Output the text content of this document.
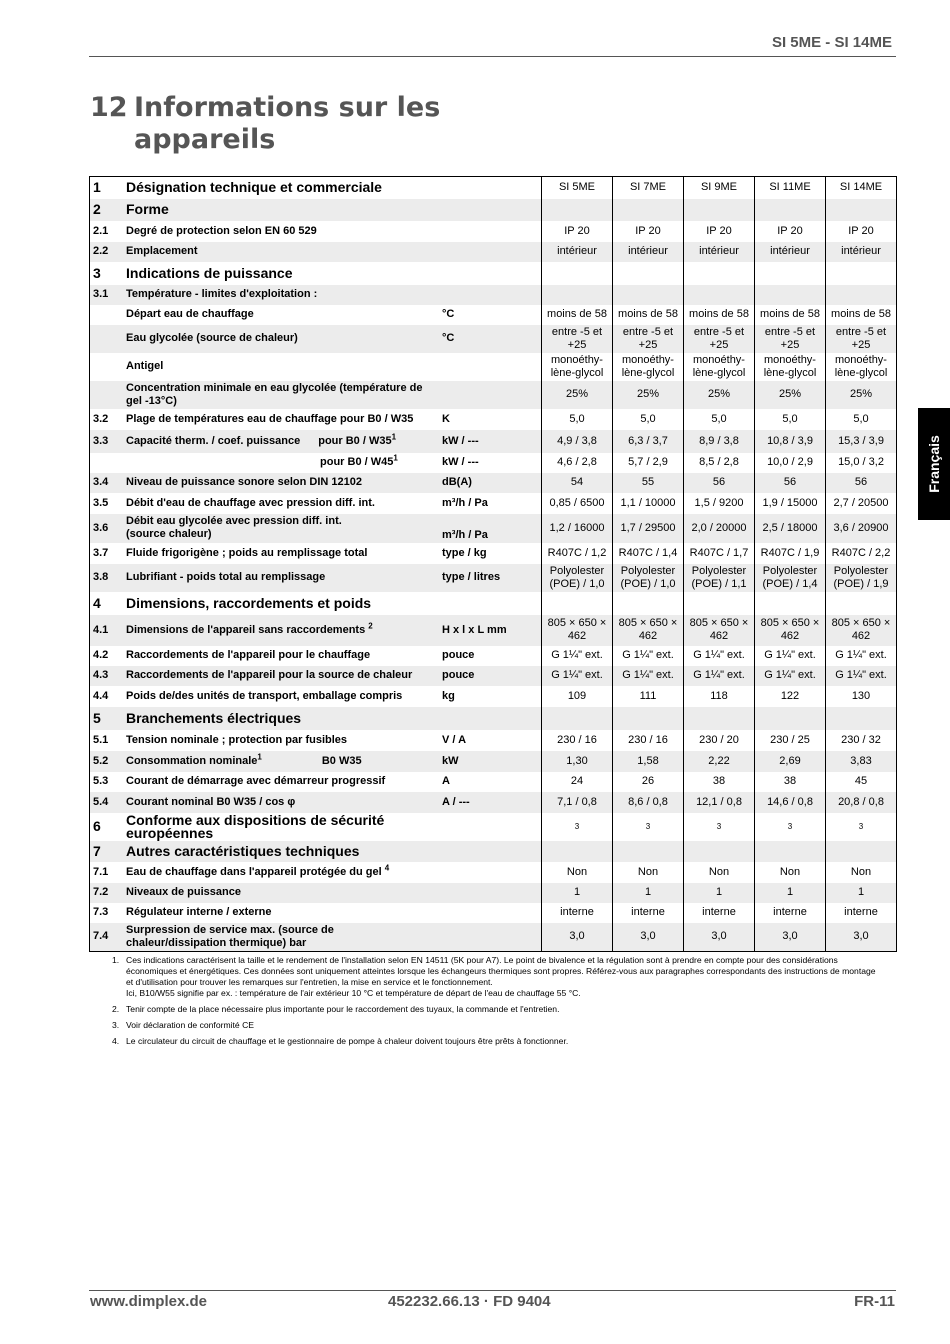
SI 5ME - SI 14ME
12 Informations sur les
appareils
Français
1	Désignation technique et commerciale		SI 5ME	SI 7ME	SI 9ME	SI 11ME	SI 14ME
2	Forme						
2.1	Degré de protection selon EN 60 529		IP 20	IP 20	IP 20	IP 20	IP 20
2.2	Emplacement		intérieur	intérieur	intérieur	intérieur	intérieur
3	Indications de puissance						
3.1	Température - limites d'exploitation :						
	Départ eau de chauffage	°C	moins de 58	moins de 58	moins de 58	moins de 58	moins de 58
	Eau glycolée (source de chaleur)	°C	entre -5 et +25	entre -5 et +25	entre -5 et +25	entre -5 et +25	entre -5 et +25
	Antigel		monoéthy-lène-glycol	monoéthy-lène-glycol	monoéthy-lène-glycol	monoéthy-lène-glycol	monoéthy-lène-glycol
	Concentration minimale en eau glycolée (température de gel -13°C)		25%	25%	25%	25%	25%
3.2	Plage de températures eau de chauffage pour B0 / W35	K	5,0	5,0	5,0	5,0	5,0
3.3	Capacité therm. / coef. puissance pour $B0 / W35^1$	kW / ---	4,9 / 3,8	6,3 / 3,7	8,9 / 3,8	10,8 / 3,9	15,3 / 3,9
	pour $B0 / W45^1$	kW / ---	4,6 / 2,8	5,7 / 2,9	8,5 / 2,8	10,0 / 2,9	15,0 / 3,2
3.4	Niveau de puissance sonore selon DIN 12102	dB(A)	54	55	56	56	56
3.5	Débit d'eau de chauffage avec pression diff. int.	m³/h / Pa	0,85 / 6500	1,1 / 10000	1,5 / 9200	1,9 / 15000	2,7 / 20500
3.6	Débit eau glycolée avec pression diff. int.
(source chaleur)	m³/h / Pa	1,2 / 16000	1,7 / 29500	2,0 / 20000	2,5 / 18000	3,6 / 20900
3.7	Fluide frigorigène ; poids au remplissage total	type / kg	R407C / 1,2	R407C / 1,4	R407C / 1,7	R407C / 1,9	R407C / 2,2
3.8	Lubrifiant - poids total au remplissage	type / litres	Polyolester (POE) / 1,0	Polyolester (POE) / 1,0	Polyolester (POE) / 1,1	Polyolester (POE) / 1,4	Polyolester (POE) / 1,9
4	Dimensions, raccordements et poids						
4.1	Dimensions de l'appareil sans raccordements $^2$	H x l x L mm	805 × 650 × 462	805 × 650 × 462	805 × 650 × 462	805 × 650 × 462	805 × 650 × 462
4.2	Raccordements de l'appareil pour le chauffage	pouce	G 1¼" ext.	G 1¼" ext.	G 1¼" ext.	G 1¼" ext.	G 1¼" ext.
4.3	Raccordements de l'appareil pour la source de chaleur	pouce	G 1¼" ext.	G 1¼" ext.	G 1¼" ext.	G 1¼" ext.	G 1¼" ext.
4.4	Poids de/des unités de transport, emballage compris	kg	109	111	118	122	130
5	Branchements électriques						
5.1	Tension nominale ; protection par fusibles	V / A	230 / 16	230 / 16	230 / 20	230 / 25	230 / 32
5.2	Consommation nominale$^1$ B0 W35	kW	1,30	1,58	2,22	2,69	3,83
5.3	Courant de démarrage avec démarreur progressif	A	24	26	38	38	45
5.4	Courant nominal B0 W35 / cos φ	A / ---	7,1 / 0,8	8,6 / 0,8	12,1 / 0,8	14,6 / 0,8	20,8 / 0,8
6	Conforme aux dispositions de sécurité européennes		$^3$	$^3$	$^3$	$^3$	$^3$
7	Autres caractéristiques techniques						
7.1	Eau de chauffage dans l'appareil protégée du gel $^4$		Non	Non	Non	Non	Non
7.2	Niveaux de puissance		1	1	1	1	1
7.3	Régulateur interne / externe		interne	interne	interne	interne	interne
7.4	Surpression de service max. (source de chaleur/dissipation thermique) bar		3,0	3,0	3,0	3,0	3,0
1. Ces indications caractérisent la taille et le rendement de l'installation selon EN 14511 (5K pour A7). Le point de bivalence et la régulation sont à prendre en compte pour des considérations économiques et énergétiques. Ces données sont uniquement atteintes lorsque les échangeurs thermiques sont propres. Référez-vous aux paragraphes correspondants des instructions de montage et d'utilisation pour trouver les remarques sur l'entretien, la mise en service et le fonctionnement.
Ici, B10/W55 signifie par ex. : température de l'air extérieur 10 °C et température de départ de l'eau de chauffage 55 °C.
2. Tenir compte de la place nécessaire plus importante pour le raccordement des tuyaux, la commande et l'entretien.
3. Voir déclaration de conformité CE
4. Le circulateur du circuit de chauffage et le gestionnaire de pompe à chaleur doivent toujours être prêts à fonctionner.
www.dimplex.de	452232.66.13 · FD 9404	FR-11
